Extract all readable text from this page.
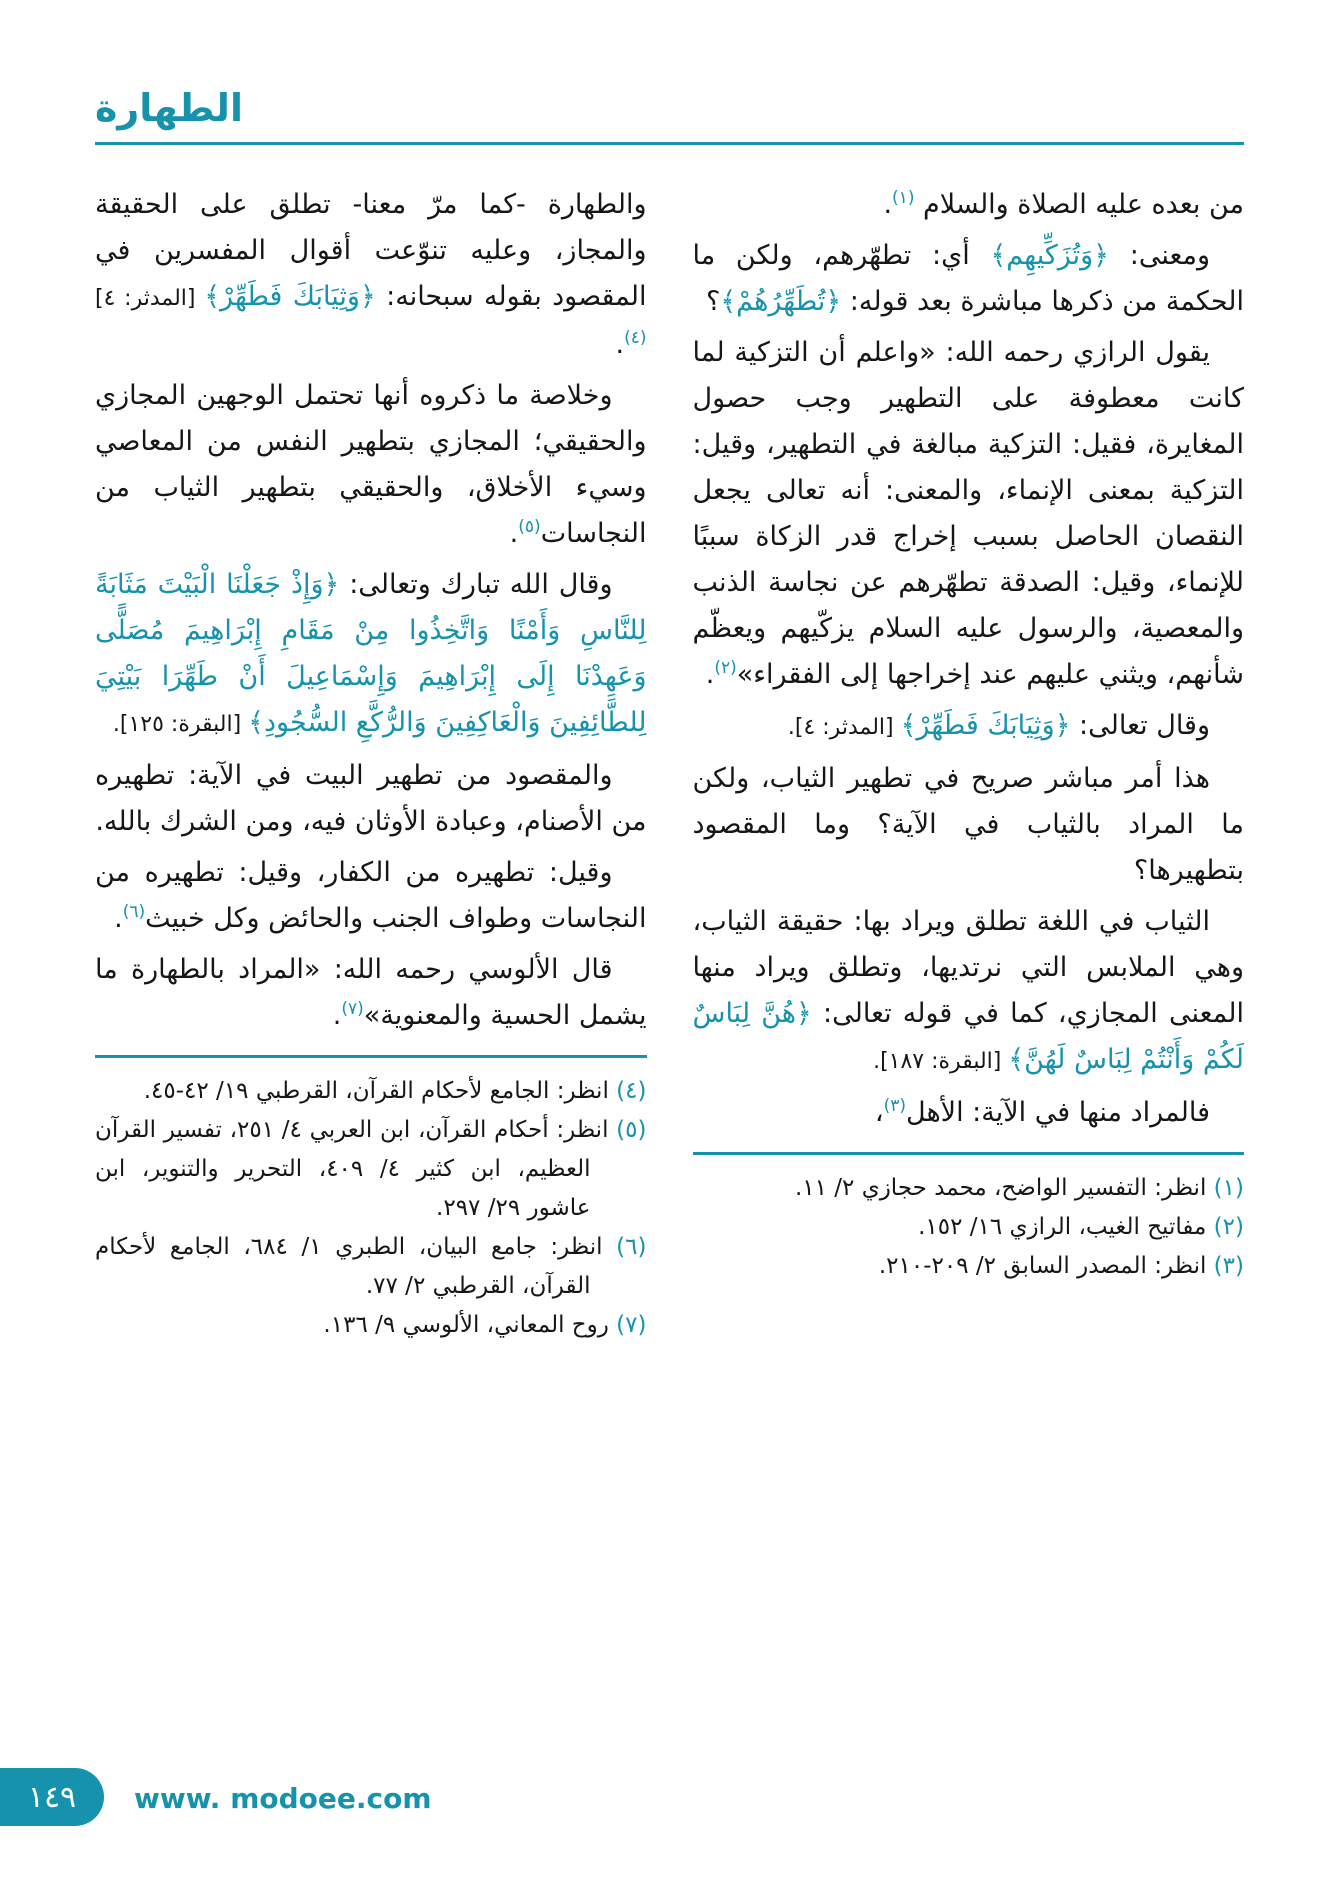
الطهارة

من بعده عليه الصلاة والسلام $^{(١)}$.

ومعنى: ﴿وَتُزَكِّيهِم﴾ أي: تطهّرهم، ولكن ما الحكمة من ذكرها مباشرة بعد قوله: ﴿تُطَهِّرُهُمْ﴾؟

يقول الرازي رحمه الله: «واعلم أن التزكية لما كانت معطوفة على التطهير وجب حصول المغايرة، فقيل: التزكية مبالغة في التطهير، وقيل: التزكية بمعنى الإنماء، والمعنى: أنه تعالى يجعل النقصان الحاصل بسبب إخراج قدر الزكاة سببًا للإنماء، وقيل: الصدقة تطهّرهم عن نجاسة الذنب والمعصية، والرسول عليه السلام يزكّيهم ويعظّم شأنهم، ويثني عليهم عند إخراجها إلى الفقراء»$^{(٢)}$.

وقال تعالى: ﴿وَثِيَابَكَ فَطَهِّرْ﴾ [المدثر: ٤].

هذا أمر مباشر صريح في تطهير الثياب، ولكن ما المراد بالثياب في الآية؟ وما المقصود بتطهيرها؟

الثياب في اللغة تطلق ويراد بها: حقيقة الثياب، وهي الملابس التي نرتديها، وتطلق ويراد منها المعنى المجازي، كما في قوله تعالى: ﴿هُنَّ لِبَاسٌ لَكُمْ وَأَنْتُمْ لِبَاسٌ لَهُنَّ﴾ [البقرة: ١٨٧].

فالمراد منها في الآية: الأهل$^{(٣)}$،

(١) انظر: التفسير الواضح، محمد حجازي ٢/ ١١.
(٢) مفاتيح الغيب، الرازي ١٦/ ١٥٢.
(٣) انظر: المصدر السابق ٢/ ٢٠٩-٢١٠.

والطهارة -كما مرّ معنا- تطلق على الحقيقة والمجاز، وعليه تنوّعت أقوال المفسرين في المقصود بقوله سبحانه: ﴿وَثِيَابَكَ فَطَهِّرْ﴾ [المدثر: ٤]$^{(٤)}$.

وخلاصة ما ذكروه أنها تحتمل الوجهين المجازي والحقيقي؛ المجازي بتطهير النفس من المعاصي وسيء الأخلاق، والحقيقي بتطهير الثياب من النجاسات$^{(٥)}$.

وقال الله تبارك وتعالى: ﴿وَإِذْ جَعَلْنَا الْبَيْتَ مَثَابَةً لِلنَّاسِ وَأَمْنًا وَاتَّخِذُوا مِنْ مَقَامِ إِبْرَاهِيمَ مُصَلًّى وَعَهِدْنَا إِلَى إِبْرَاهِيمَ وَإِسْمَاعِيلَ أَنْ طَهِّرَا بَيْتِيَ لِلطَّائِفِينَ وَالْعَاكِفِينَ وَالرُّكَّعِ السُّجُودِ﴾ [البقرة: ١٢٥].

والمقصود من تطهير البيت في الآية: تطهيره من الأصنام، وعبادة الأوثان فيه، ومن الشرك بالله.

وقيل: تطهيره من الكفار، وقيل: تطهيره من النجاسات وطواف الجنب والحائض وكل خبيث$^{(٦)}$.

قال الألوسي رحمه الله: «المراد بالطهارة ما يشمل الحسية والمعنوية»$^{(٧)}$.

(٤) انظر: الجامع لأحكام القرآن، القرطبي ١٩/ ٤٢-٤٥.
(٥) انظر: أحكام القرآن، ابن العربي ٤/ ٢٥١، تفسير القرآن العظيم، ابن كثير ٤/ ٤٠٩، التحرير والتنوير، ابن عاشور ٢٩/ ٢٩٧.
(٦) انظر: جامع البيان، الطبري ١/ ٦٨٤، الجامع لأحكام القرآن، القرطبي ٢/ ٧٧.
(٧) روح المعاني، الألوسي ٩/ ١٣٦.
١٤٩ www. modoee.com
